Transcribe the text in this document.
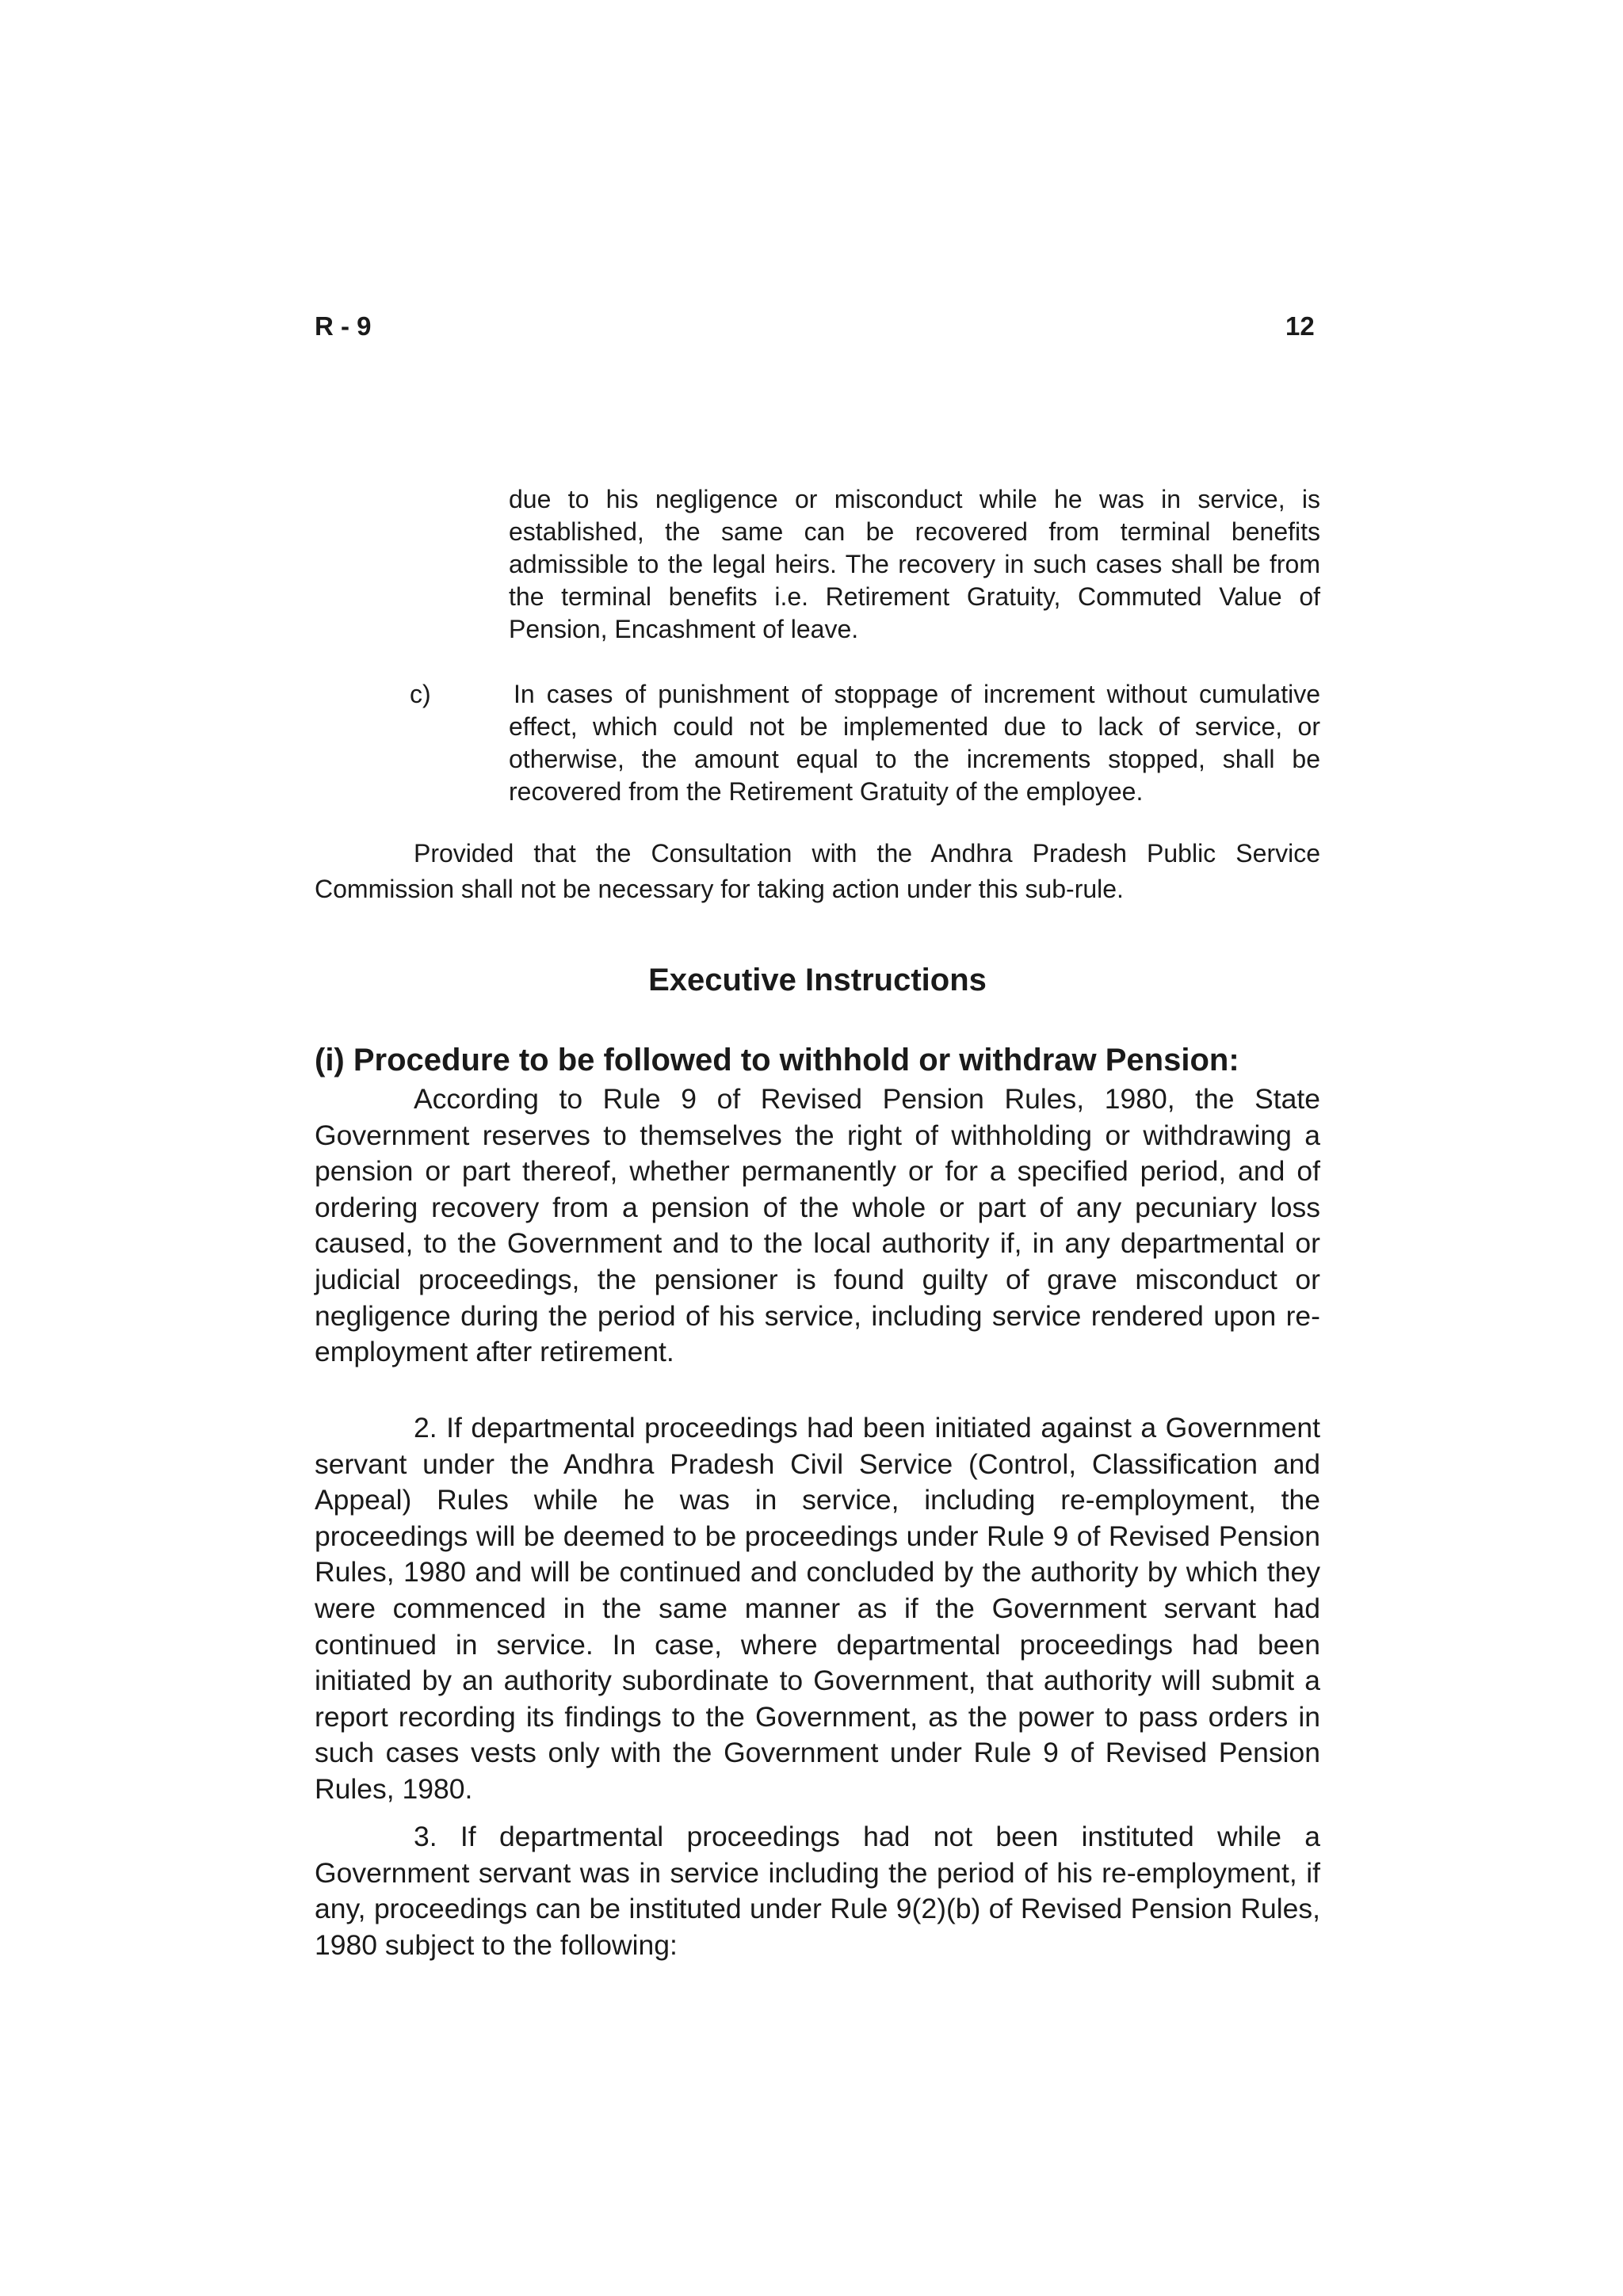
R - 9	12
due to his negligence or misconduct while he was in service, is established, the same can be recovered from terminal benefits admissible to the legal heirs. The recovery in such cases shall be from the terminal benefits i.e. Retirement Gratuity, Commuted Value of Pension, Encashment of leave.
c)	In cases of punishment of stoppage of increment without cumulative effect, which could not be implemented due to lack of service, or otherwise, the amount equal to the increments stopped, shall be recovered from the Retirement Gratuity of the employee.
Provided that the Consultation with the Andhra Pradesh Public Service Commission shall not be necessary for taking action under this sub-rule.
Executive Instructions
(i) Procedure to be followed to withhold or withdraw Pension:
According to Rule 9 of Revised Pension Rules, 1980, the State Government reserves to themselves the right of withholding or withdrawing a pension or part thereof, whether permanently or for a specified period, and of ordering recovery from a pension of the whole or part of any pecuniary loss caused, to the Government and to the local authority if, in any departmental or judicial proceedings, the pensioner is found guilty of grave misconduct or negligence during the period of his service, including service rendered upon re-employment after retirement.
2. If departmental proceedings had been initiated against a Government servant under the Andhra Pradesh Civil Service (Control, Classification and Appeal) Rules while he was in service, including re-employment, the proceedings will be deemed to be proceedings under Rule 9 of Revised Pension Rules, 1980 and will be continued and concluded by the authority by which they were commenced in the same manner as if the Government servant had continued in service. In case, where departmental proceedings had been initiated by an authority subordinate to Government, that authority will submit a report recording its findings to the Government, as the power to pass orders in such cases vests only with the Government under Rule 9 of Revised Pension Rules, 1980.
3. If departmental proceedings had not been instituted while a Government servant was in service including the period of his re-employment, if any, proceedings can be instituted under Rule 9(2)(b) of Revised Pension Rules, 1980 subject to the following:
